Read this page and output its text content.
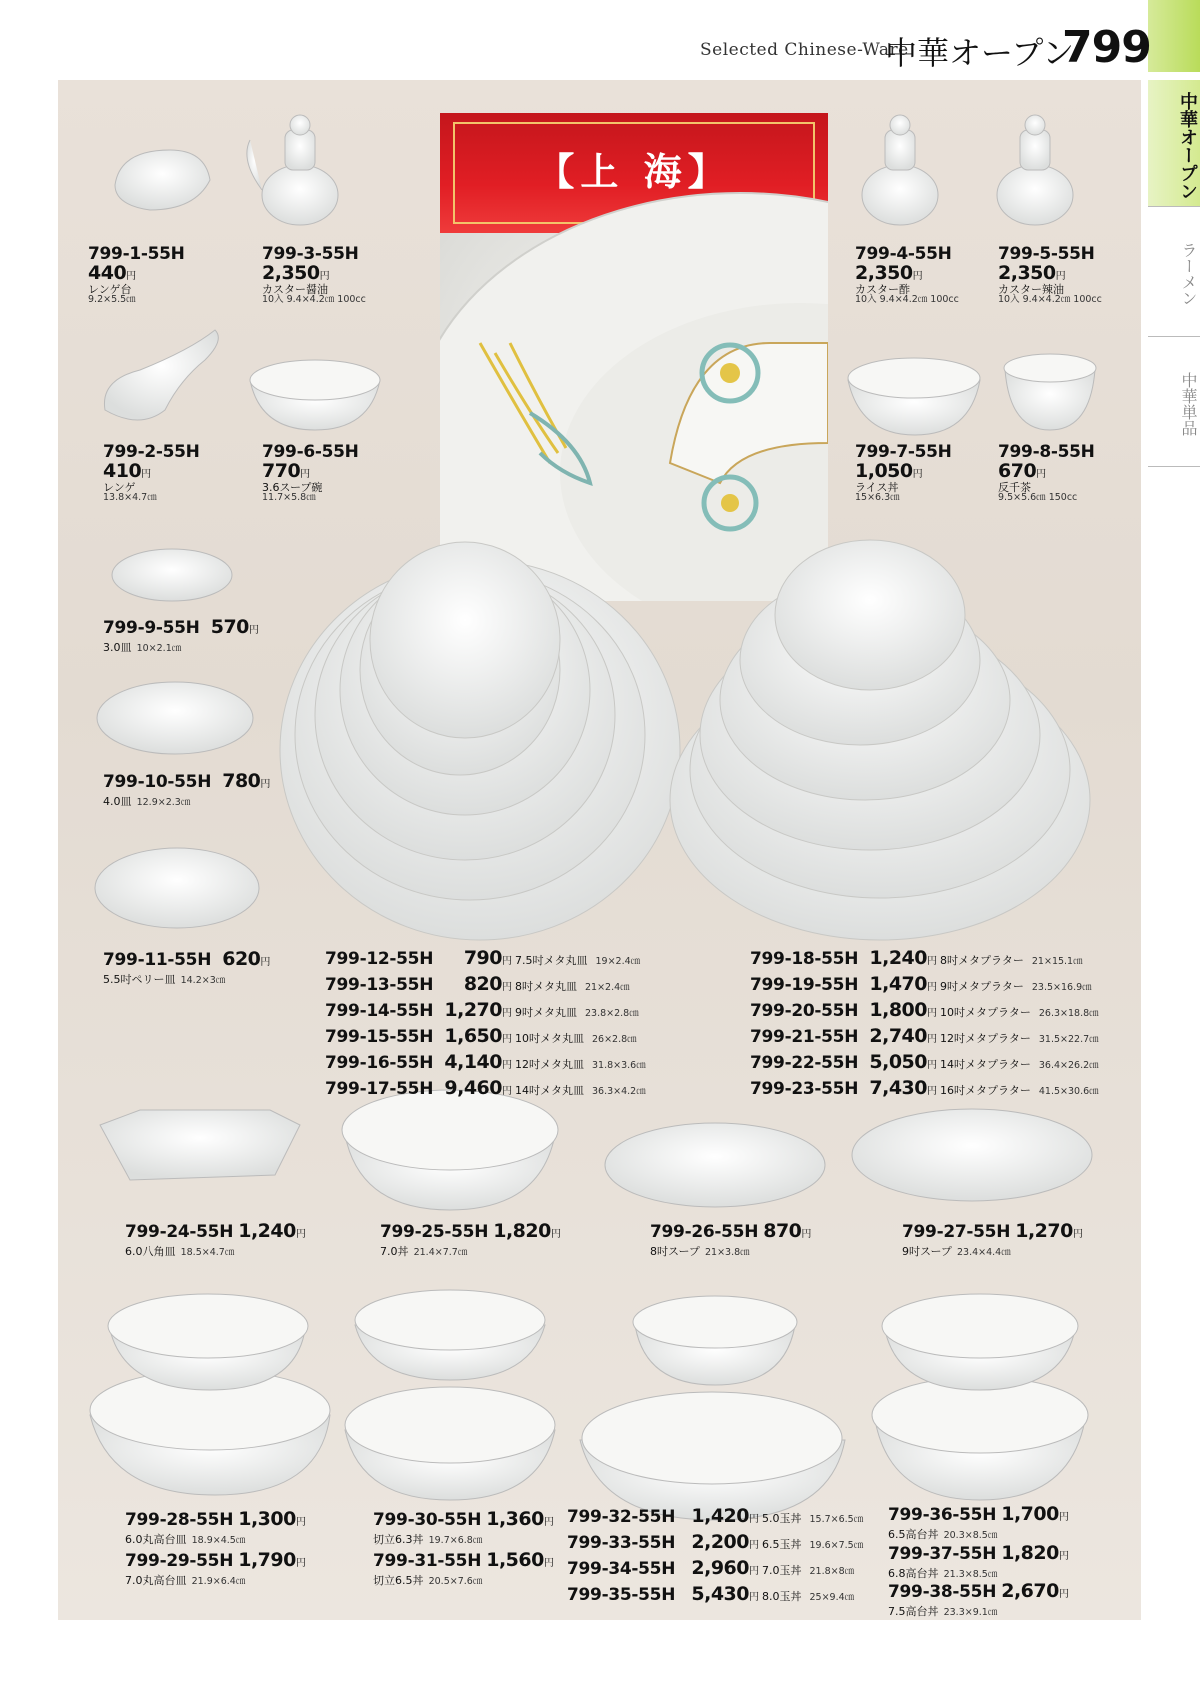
Selected Chinese-Ware
中華オープン
799
中華オープン
ラーメン
中華単品
【上 海】
799-1-55H
440円
レンゲ台
9.2×5.5㎝
799-3-55H
2,350円
カスター醤油
10入 9.4×4.2㎝ 100cc
799-4-55H
2,350円
カスター酢
10入 9.4×4.2㎝ 100cc
799-5-55H
2,350円
カスター辣油
10入 9.4×4.2㎝ 100cc
799-2-55H
410円
レンゲ
13.8×4.7㎝
799-6-55H
770円
3.6スープ碗
11.7×5.8㎝
799-7-55H
1,050円
ライス丼
15×6.3㎝
799-8-55H
670円
反千茶
9.5×5.6㎝ 150cc
799-9-55H 570円
3.0皿 10×2.1㎝
799-10-55H 780円
4.0皿 12.9×2.3㎝
799-11-55H 620円
5.5吋ペリー皿 14.2×3㎝
799-12-55H	790 円 7.5吋メタ丸皿 19×2.4㎝
799-13-55H	820 円 8吋メタ丸皿 21×2.4㎝
799-14-55H 1,270 円 9吋メタ丸皿 23.8×2.8㎝
799-15-55H 1,650 円 10吋メタ丸皿 26×2.8㎝
799-16-55H 4,140 円 12吋メタ丸皿 31.8×3.6㎝
799-17-55H 9,460 円 14吋メタ丸皿 36.3×4.2㎝
799-18-55H 1,240 円 8吋メタプラター 21×15.1㎝
799-19-55H 1,470 円 9吋メタプラター 23.5×16.9㎝
799-20-55H 1,800 円 10吋メタプラター 26.3×18.8㎝
799-21-55H 2,740 円 12吋メタプラター 31.5×22.7㎝
799-22-55H 5,050 円 14吋メタプラター 36.4×26.2㎝
799-23-55H 7,430 円 16吋メタプラター 41.5×30.6㎝
799-24-55H 1,240円
6.0八角皿 18.5×4.7㎝
799-25-55H 1,820円
7.0丼 21.4×7.7㎝
799-26-55H 870円
8吋スープ 21×3.8㎝
799-27-55H 1,270円
9吋スープ 23.4×4.4㎝
799-28-55H 1,300円
6.0丸高台皿 18.9×4.5㎝
799-29-55H 1,790円
7.0丸高台皿 21.9×6.4㎝
799-30-55H 1,360円
切立6.3丼 19.7×6.8㎝
799-31-55H 1,560円
切立6.5丼 20.5×7.6㎝
799-32-55H 1,420 円 5.0玉丼 15.7×6.5㎝
799-33-55H 2,200 円 6.5玉丼 19.6×7.5㎝
799-34-55H 2,960 円 7.0玉丼 21.8×8㎝
799-35-55H 5,430 円 8.0玉丼 25×9.4㎝
799-36-55H 1,700円
6.5高台丼 20.3×8.5㎝
799-37-55H 1,820円
6.8高台丼 21.3×8.5㎝
799-38-55H 2,670円
7.5高台丼 23.3×9.1㎝
